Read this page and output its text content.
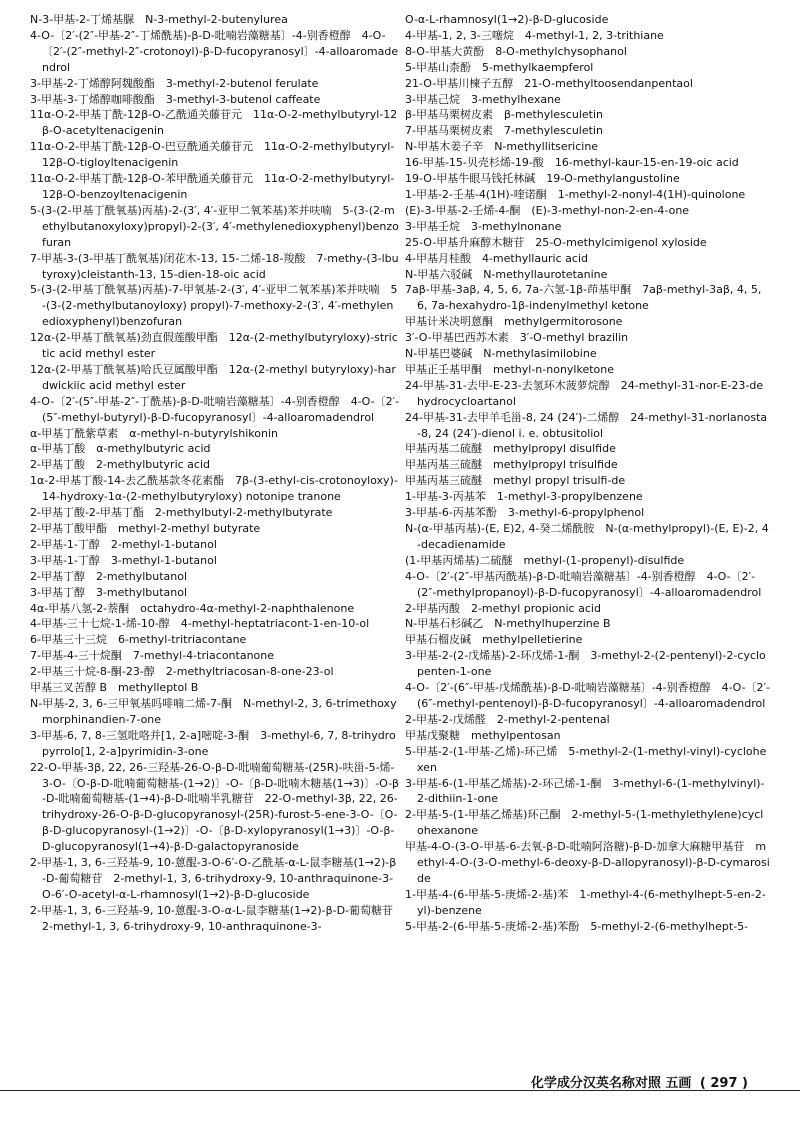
N-3-甲基-2-丁烯基脲　N-3-methyl-2-butenylurea

4-O-〔2′-(2″-甲基-2″-丁烯酰基)-β-D-吡喃岩藻糖基〕-4-别香橙醇　4-O-〔2′-(2″-methyl-2″-crotonoyl)-β-D-fucopyranosyl〕-4-alloaromadendrol

3-甲基-2-丁烯醇阿魏酸酯　3-methyl-2-butenol ferulate

3-甲基-3-丁烯醇咖啡酸酯　3-methyl-3-butenol caffeate

11α-O-2-甲基丁酰-12β-O-乙酰通关藤苷元　11α-O-2-methylbutyryl-12β-O-acetyltenacigenin

11α-O-2-甲基丁酰-12β-O-巴豆酰通关藤苷元　11α-O-2-methylbutyryl-12β-O-tigloyltenacigenin

11α-O-2-甲基丁酰-12β-O-苯甲酰通关藤苷元　11α-O-2-methylbutyryl-12β-O-benzoyltenacigenin

5-(3-(2-甲基丁酰氧基)丙基)-2-(3′, 4′-亚甲二氧苯基)苯并呋喃　5-(3-(2-methylbutanoxyloxy)propyl)-2-(3′, 4′-methylenedioxyphenyl)benzofuran

7-甲基-3-(3-甲基丁酰氧基)闭花木-13, 15-二烯-18-羧酸　7-methy-(3-lbutyroxy)cleistanth-13, 15-dien-18-oic acid

5-(3-(2-甲基丁酰氧基)丙基)-7-甲氧基-2-(3′, 4′-亚甲二氧苯基)苯并呋喃　5-(3-(2-methylbutanoyloxy) propyl)-7-methoxy-2-(3′, 4′-methylenedioxyphenyl)benzofuran

12α-(2-甲基丁酰氧基)劲直假莲酸甲酯　12α-(2-methylbutyryloxy)-strictic acid methyl ester

12α-(2-甲基丁酰氧基)哈氏豆属酸甲酯　12α-(2-methyl butyryloxy)-hardwickiic acid methyl ester

4-O-〔2′-(5″-甲基-2″-丁酰基)-β-D-吡喃岩藻糖基〕-4-别香橙醇　4-O-〔2′-(5″-methyl-butyryl)-β-D-fucopyranosyl〕-4-alloaromadendrol

α-甲基丁酰紫草素　α-methyl-n-butyrylshikonin

α-甲基丁酸　α-methylbutyric acid

2-甲基丁酸　2-methylbutyric acid

1α-2-甲基丁酸-14-去乙酰基款冬花素酯　7β-(3-ethyl-cis-crotonoyloxy)-14-hydroxy-1α-(2-methylbutyryloxy) notonipe tranone

2-甲基丁酸-2-甲基丁酯　2-methylbutyl-2-methylbutyrate

2-甲基丁酸甲酯　methyl-2-methyl butyrate

2-甲基-1-丁醇　2-methyl-1-butanol

3-甲基-1-丁醇　3-methyl-1-butanol

2-甲基丁醇　2-methylbutanol

3-甲基丁醇　3-methylbutanol

4α-甲基八氢-2-萘酮　octahydro-4α-methyl-2-naphthalenone

4-甲基-三十七烷-1-烯-10-醇　4-methyl-heptatriacont-1-en-10-ol

6-甲基三十三烷　6-methyl-tritriacontane

7-甲基-4-三十烷酮　7-methyl-4-triacontanone

2-甲基三十烷-8-酮-23-醇　2-methyltriacosan-8-one-23-ol

甲基三叉苦醇 B　methylleptol B

N-甲基-2, 3, 6-三甲氧基吗啡喃二烯-7-酮　N-methyl-2, 3, 6-trimethoxymorphinandien-7-one

3-甲基-6, 7, 8-三氢吡咯并[1, 2-a]嘧啶-3-酮　3-methyl-6, 7, 8-trihydropyrrolo[1, 2-a]pyrimidin-3-one

22-O-甲基-3β, 22, 26-三羟基-26-O-β-D-吡喃葡萄糖基-(25R)-呋甾-5-烯-3-O-〔O-β-D-吡喃葡萄糖基-(1→2)〕-O-〔β-D-吡喃木糖基(1→3)〕-O-β-D-吡喃葡萄糖基-(1→4)-β-D-吡喃半乳糖苷　22-O-methyl-3β, 22, 26-trihydroxy-26-O-β-D-glucopyranosyl-(25R)-furost-5-ene-3-O-〔O-β-D-glucopyranosyl-(1→2)〕-O-〔β-D-xylopyranosyl(1→3)〕-O-β-D-glucopyranosyl(1→4)-β-D-galactopyranoside

2-甲基-1, 3, 6-三羟基-9, 10-蒽醌-3-O-6′-O-乙酰基-α-L-鼠李糖基(1→2)-β-D-葡萄糖苷　2-methyl-1, 3, 6-trihydroxy-9, 10-anthraquinone-3-O-6′-O-acetyl-α-L-rhamnosyl(1→2)-β-D-glucoside

2-甲基-1, 3, 6-三羟基-9, 10-蒽醌-3-O-α-L-鼠李糖基(1→2)-β-D-葡萄糖苷　2-methyl-1, 3, 6-trihydroxy-9, 10-anthraquinone-3-

O-α-L-rhamnosyl(1→2)-β-D-glucoside

4-甲基-1, 2, 3-三噻烷　4-methyl-1, 2, 3-trithiane

8-O-甲基大黄酚　8-O-methylchysophanol

5-甲基山柰酚　5-methylkaempferol

21-O-甲基川楝子五醇　21-O-methyltoosendanpentaol

3-甲基己烷　3-methylhexane

β-甲基马栗树皮素　β-methylesculetin

7-甲基马栗树皮素　7-methylesculetin

N-甲基木姜子辛　N-methyllitsericine

16-甲基-15-贝壳杉烯-19-酸　16-methyl-kaur-15-en-19-oic acid

19-O-甲基牛眼马钱托林碱　19-O-methylangustoline

1-甲基-2-壬基-4(1H)-喹诺酮　1-methyl-2-nonyl-4(1H)-quinolone

(E)-3-甲基-2-壬烯-4-酮　(E)-3-methyl-non-2-en-4-one

3-甲基壬烷　3-methylnonane

25-O-甲基升麻醇木糖苷　25-O-methylcimigenol xyloside

4-甲基月桂酸　4-methyllauric acid

N-甲基六驳碱　N-methyllaurotetanine

7aβ-甲基-3aβ, 4, 5, 6, 7a-六氢-1β-茚基甲酮　7aβ-methyl-3aβ, 4, 5, 6, 7a-hexahydro-1β-indenylmethyl ketone

甲基计米决明蒽酮　methylgermitorosone

3′-O-甲基巴西苏木素　3′-O-methyl brazilin

N-甲基巴婆碱　N-methylasimilobine

甲基正壬基甲酮　methyl-n-nonylketone

24-甲基-31-去甲-E-23-去氢环木菠萝烷醇　24-methyl-31-nor-E-23-dehydrocycloartanol

24-甲基-31-去甲羊毛甾-8, 24 (24′)-二烯醇　24-methyl-31-norlanosta-8, 24 (24′)-dienol i. e. obtusitoliol

甲基丙基二硫醚　methylpropyl disulfide

甲基丙基三硫醚　methylpropyl trisulfide

甲基丙基三硫醚　methyl propyl trisulfi-de

1-甲基-3-丙基苯　1-methyl-3-propylbenzene

3-甲基-6-丙基苯酚　3-methyl-6-propylphenol

N-(α-甲基丙基)-(E, E)2, 4-癸二烯酰胺　N-(α-methylpropyl)-(E, E)-2, 4-decadienamide

(1-甲基丙烯基)二硫醚　methyl-(1-propenyl)-disulfide

4-O-〔2′-(2″-甲基丙酰基)-β-D-吡喃岩藻糖基〕-4-别香橙醇　4-O-〔2′-(2″-methylpropanoyl)-β-D-fucopyranosyl〕-4-alloaromadendrol

2-甲基丙酸　2-methyl propionic acid

N-甲基石杉碱乙　N-methylhuperzine B

甲基石榴皮碱　methylpelletierine

3-甲基-2-(2-戊烯基)-2-环戊烯-1-酮　3-methyl-2-(2-pentenyl)-2-cyclopenten-1-one

4-O-〔2′-(6″-甲基-戊烯酰基)-β-D-吡喃岩藻糖基〕-4-别香橙醇　4-O-〔2′-(6″-methyl-pentenoyl)-β-D-fucopyranosyl〕-4-alloaromadendrol

2-甲基-2-戊烯醛　2-methyl-2-pentenal

甲基戊聚糖　methylpentosan

5-甲基-2-(1-甲基-乙烯)-环己烯　5-methyl-2-(1-methyl-vinyl)-cyclohexen

3-甲基-6-(1-甲基乙烯基)-2-环己烯-1-酮　3-methyl-6-(1-methylvinyl)-2-dithiin-1-one

2-甲基-5-(1-甲基乙烯基)环己酮　2-methyl-5-(1-methylethylene)cyclohexanone

甲基-4-O-(3-O-甲基-6-去氧-β-D-吡喃阿洛糖)-β-D-加拿大麻糖甲基苷　methyl-4-O-(3-O-methyl-6-deoxy-β-D-allopyranosyl)-β-D-cymaroside

1-甲基-4-(6-甲基-5-庚烯-2-基)苯　1-methyl-4-(6-methylhept-5-en-2-yl)-benzene

5-甲基-2-(6-甲基-5-庚烯-2-基)苯酚　5-methyl-2-(6-methylhept-5-

化学成分汉英名称对照 五画 ( 297 )
